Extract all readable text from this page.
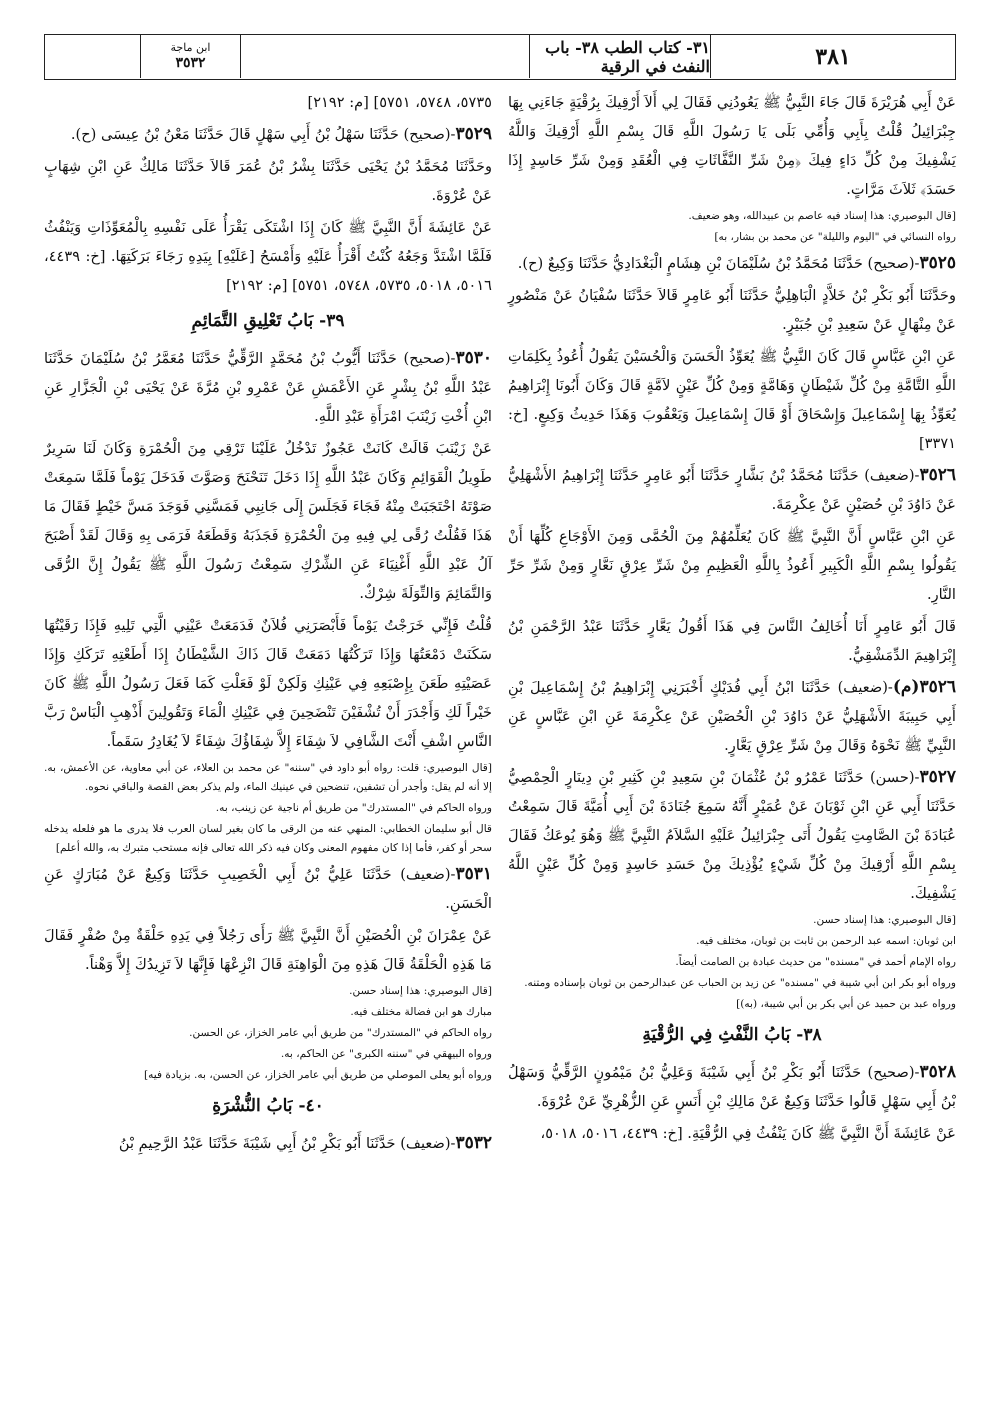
٣٨١
٣١- كتاب الطب ٣٨- باب النفث في الرقية
ابن ماجة
٣٥٣٢
عَنْ أَبِي هُرَيْرَةَ قَالَ جَاءَ النَّبِيُّ ﷺ يَعُودُنِي فَقَالَ لِي أَلاَ أَرْقِيكَ بِرُقْيَةٍ جَاءَنِي بِهَا جِبْرَائِيلُ قُلْتُ بِأَبِي وَأُمِّي بَلَى يَا رَسُولَ اللَّهِ قَالَ بِسْمِ اللَّهِ أَرْقِيكَ وَاللَّهُ يَشْفِيكَ مِنْ كُلِّ دَاءٍ فِيكَ ﴿مِنْ شَرِّ النَّفَّاثَاتِ فِي الْعُقَدِ وَمِنْ شَرِّ حَاسِدٍ إِذَا حَسَدَ﴾ ثَلاَثَ مَرَّاتٍ.
[قال البوصيري: هذا إسناد فيه عاصم بن عبيدالله، وهو ضعيف.
رواه النسائي في "اليوم والليلة" عن محمد بن بشار، به]
٣٥٢٥-(صحيح) حَدَّثَنَا مُحَمَّدُ بْنُ سُلَيْمَانَ بْنِ هِشَامٍ الْبَغْدَادِيُّ حَدَّثَنَا وَكِيعٌ (ح).
وحَدَّثَنَا أَبُو بَكْرِ بْنُ خَلاَّدٍ الْبَاهِلِيُّ حَدَّثَنَا أَبُو عَامِرٍ قَالاَ حَدَّثَنَا سُفْيَانُ عَنْ مَنْصُورٍ عَنْ مِنْهَالٍ عَنْ سَعِيدِ بْنِ جُبَيْرٍ.
عَنِ ابْنِ عَبَّاسٍ قَالَ كَانَ النَّبِيُّ ﷺ يُعَوِّذُ الْحَسَنَ وَالْحُسَيْنَ يَقُولُ أُعُوذُ بِكَلِمَاتِ اللَّهِ التَّامَّةِ مِنْ كُلِّ شَيْطَانٍ وَهَامَّةٍ وَمِنْ كُلِّ عَيْنٍ لاَمَّةٍ قَالَ وَكَانَ أَبُونَا إِبْرَاهِيمُ يُعَوِّذُ بِهَا إِسْمَاعِيلَ وَإِسْحَاقَ أَوْ قَالَ إِسْمَاعِيلَ وَيَعْقُوبَ وَهَذَا حَدِيثُ وَكِيعٍ. [خ: ٣٣٧١]
٣٥٢٦-(ضعيف) حَدَّثَنَا مُحَمَّدُ بْنُ بَشَّارٍ حَدَّثَنَا أَبُو عَامِرٍ حَدَّثَنَا إِبْرَاهِيمُ الأَشْهَلِيُّ عَنْ دَاوُدَ بْنِ حُصَيْنٍ عَنْ عِكْرِمَةَ.
عَنِ ابْنِ عَبَّاسٍ أَنَّ النَّبِيَّ ﷺ كَانَ يُعَلِّمُهُمْ مِنَ الْحُمَّى وَمِنَ الأَوْجَاعِ كُلِّهَا أَنْ يَقُولُوا بِسْمِ اللَّهِ الْكَبِيرِ أَعُوذُ بِاللَّهِ الْعَظِيمِ مِنْ شَرِّ عِرْقٍ نَعَّارٍ وَمِنْ شَرِّ حَرِّ النَّارِ.
قَالَ أَبُو عَامِرٍ أَنَا أُخَالِفُ النَّاسَ فِي هَذَا أَقُولُ يَعَّارٍ حَدَّثَنَا عَبْدُ الرَّحْمَنِ بْنُ إِبْرَاهِيمَ الدِّمَشْقِيُّ.
٣٥٢٦(م)-(ضعيف) حَدَّثَنَا ابْنُ أَبِي فُدَيْكٍ أَخْبَرَنِي إِبْرَاهِيمُ بْنُ إِسْمَاعِيلَ بْنِ أَبِي حَبِيبَةَ الأَشْهَلِيُّ عَنْ دَاوُدَ بْنِ الْحُصَيْنِ عَنْ عِكْرِمَةَ عَنِ ابْنِ عَبَّاسٍ عَنِ النَّبِيِّ ﷺ نَحْوَهُ وَقَالَ مِنْ شَرِّ عِرْقٍ يَعَّارٍ.
٣٥٢٧-(حسن) حَدَّثَنَا عَمْرُو بْنُ عُثْمَانَ بْنِ سَعِيدِ بْنِ كَثِيرِ بْنِ دِينَارٍ الْحِمْصِيُّ حَدَّثَنَا أَبِي عَنِ ابْنِ ثَوْبَانَ عَنْ عُمَيْرٍ أَنَّهُ سَمِعَ جُنَادَةَ بْنَ أَبِي أُمَيَّةَ قَالَ سَمِعْتُ عُبَادَةَ بْنَ الصَّامِتِ يَقُولُ أَتَى جِبْرَائِيلُ عَلَيْهِ السَّلاَمُ النَّبِيَّ ﷺ وَهُوَ يُوعَكُ فَقَالَ بِسْمِ اللَّهِ أَرْقِيكَ مِنْ كُلِّ شَيْءٍ يُؤْذِيكَ مِنْ حَسَدِ حَاسِدٍ وَمِنْ كُلِّ عَيْنٍ اللَّهُ يَشْفِيكَ.
[قال البوصيري: هذا إسناد حسن.
ابن ثوبان: اسمه عبد الرحمن بن ثابت بن ثوبان، مختلف فيه.
رواه الإمام أحمد في "مسنده" من حديث عبادة بن الصامت أيضاً.
ورواه أبو بكر ابن أبي شيبة في "مسنده" عن زيد بن الحباب عن عبدالرحمن بن ثوبان بإسناده ومتنه.
ورواه عبد بن حميد عن أبي بكر بن أبي شيبة، (به)]
٣٨- بَابُ النَّفْثِ فِي الرُّقْيَةِ
٣٥٢٨-(صحيح) حَدَّثَنَا أَبُو بَكْرِ بْنُ أَبِي شَيْبَةَ وَعَلِيُّ بْنُ مَيْمُونٍ الرَّقِّيُّ وَسَهْلُ بْنُ أَبِي سَهْلٍ قَالُوا حَدَّثَنَا وَكِيعٌ عَنْ مَالِكِ بْنِ أَنَسٍ عَنِ الزُّهْرِيِّ عَنْ عُرْوَةَ.
عَنْ عَائِشَةَ أَنَّ النَّبِيَّ ﷺ كَانَ يَنْفُثُ فِي الرُّقْيَةِ. [خ: ٤٤٣٩، ٥٠١٦، ٥٠١٨،
٥٧٣٥، ٥٧٤٨، ٥٧٥١] [م: ٢١٩٢]
٣٥٢٩-(صحيح) حَدَّثَنَا سَهْلُ بْنُ أَبِي سَهْلٍ قَالَ حَدَّثَنَا مَعْنُ بْنُ عِيسَى (ح).
وحَدَّثَنَا مُحَمَّدُ بْنُ يَحْيَى حَدَّثَنَا بِشْرُ بْنُ عُمَرَ قَالاَ حَدَّثَنَا مَالِكٌ عَنِ ابْنِ شِهَابٍ عَنْ عُرْوَةَ.
عَنْ عَائِشَةَ أَنَّ النَّبِيَّ ﷺ كَانَ إِذَا اشْتَكَى يَقْرَأُ عَلَى نَفْسِهِ بِالْمُعَوِّذَاتِ وَيَنْفُثُ فَلَمَّا اشْتَدَّ وَجَعُهُ كُنْتُ أَقْرَأُ عَلَيْهِ وَأَمْسَحُ [عَلَيْهِ] بِيَدِهِ رَجَاءَ بَرَكَتِهَا. [خ: ٤٤٣٩، ٥٠١٦، ٥٠١٨، ٥٧٣٥، ٥٧٤٨، ٥٧٥١] [م: ٢١٩٢]
٣٩- بَابُ تَعْلِيقِ التَّمَائِمِ
٣٥٣٠-(صحيح) حَدَّثَنَا أَيُّوبُ بْنُ مُحَمَّدٍ الرَّقِّيُّ حَدَّثَنَا مُعَمَّرُ بْنُ سُلَيْمَانَ حَدَّثَنَا عَبْدُ اللَّهِ بْنُ بِشْرٍ عَنِ الأَعْمَشِ عَنْ عَمْرِو بْنِ مُرَّةَ عَنْ يَحْيَى بْنِ الْجَزَّارِ عَنِ ابْنِ أُخْتِ زَيْنَبَ امْرَأَةِ عَبْدِ اللَّهِ.
عَنْ زَيْنَبَ قَالَتْ كَانَتْ عَجُوزٌ تَدْخُلُ عَلَيْنَا تَرْقِي مِنَ الْحُمْرَةِ وَكَانَ لَنَا سَرِيرٌ طَوِيلُ الْقَوَائِمِ وَكَانَ عَبْدُ اللَّهِ إِذَا دَخَلَ تَنَحْنَحَ وَصَوَّتَ فَدَخَلَ يَوْماً فَلَمَّا سَمِعَتْ صَوْتَهُ احْتَجَبَتْ مِنْهُ فَجَاءَ فَجَلَسَ إِلَى جَانِبِي فَمَسَّنِي فَوَجَدَ مَسَّ خَيْطٍ فَقَالَ مَا هَذَا فَقُلْتُ رُقًى لِي فِيهِ مِنَ الْحُمْرَةِ فَجَذَبَهُ وَقَطَعَهُ فَرَمَى بِهِ وَقَالَ لَقَدْ أَصْبَحَ آلُ عَبْدِ اللَّهِ أَغْنِيَاءَ عَنِ الشِّرْكِ سَمِعْتُ رَسُولَ اللَّهِ ﷺ يَقُولُ إِنَّ الرُّقَى وَالتَّمَائِمَ وَالتِّوَلَةَ شِرْكٌ.
قُلْتُ فَإِنِّي خَرَجْتُ يَوْماً فَأَبْصَرَنِي فُلاَنٌ فَدَمَعَتْ عَيْنِي الَّتِي تَلِيهِ فَإِذَا رَقَيْتُهَا سَكَنَتْ دَمْعَتُهَا وَإِذَا تَرَكْتُهَا دَمَعَتْ قَالَ ذَاكَ الشَّيْطَانُ إِذَا أَطَعْتِهِ تَرَكَكِ وَإِذَا عَصَيْتِهِ طَعَنَ بِإِصْبَعِهِ فِي عَيْنِكِ وَلَكِنْ لَوْ فَعَلْتِ كَمَا فَعَلَ رَسُولُ اللَّهِ ﷺ كَانَ خَيْراً لَكِ وَأَجْدَرَ أَنْ تُشْفَيْنَ تَنْضَحِينَ فِي عَيْنِكِ الْمَاءَ وَتَقُولِينَ أَذْهِبِ الْبَاسْ رَبَّ النَّاسِ اشْفِ أَنْتَ الشَّافِي لاَ شِفَاءَ إِلاَّ شِفَاؤُكَ شِفَاءً لاَ يُغَادِرُ سَقَماً.
[قال البوصيري: قلت: رواه أبو داود في "سننه" عن محمد بن العلاء، عن أبي معاوية، عن الأعمش، به. إلا أنه لم يقل: وأجدر أن تشفين، تنضحين في عينيك الماء، ولم يذكر بعض القصة والباقي نحوه.
ورواه الحاكم في "المستدرك" من طريق أم ناجية عن زينب، به.
قال أبو سليمان الخطابي: المنهي عنه من الرقى ما كان بغير لسان العرب فلا يدرى ما هو فلعله يدخله سحر أو كفر، فأما إذا كان مفهوم المعنى وكان فيه ذكر الله تعالى فإنه مستحب متبرك به، والله أعلم]
٣٥٣١-(ضعيف) حَدَّثَنَا عَلِيُّ بْنُ أَبِي الْخَصِيبِ حَدَّثَنَا وَكِيعٌ عَنْ مُبَارَكٍ عَنِ الْحَسَنِ.
عَنْ عِمْرَانَ بْنِ الْحُصَيْنِ أَنَّ النَّبِيَّ ﷺ رَأَى رَجُلاً فِي يَدِهِ حَلْقَةٌ مِنْ صُفْرٍ فَقَالَ مَا هَذِهِ الْحَلْقَةُ قَالَ هَذِهِ مِنَ الْوَاهِنَةِ قَالَ انْزِعْهَا فَإِنَّهَا لاَ تَزِيدُكَ إِلاَّ وَهْناً.
[قال البوصيري: هذا إسناد حسن.
مبارك هو ابن فضالة مختلف فيه.
رواه الحاكم في "المستدرك" من طريق أبي عامر الخزاز، عن الحسن.
ورواه البيهقي في "سننه الكبرى" عن الحاكم، به.
ورواه أبو يعلى الموصلي من طريق أبي عامر الخزاز، عن الحسن، به. بزيادة فيه]
٤٠- بَابُ النُّشْرَةِ
٣٥٣٢-(ضعيف) حَدَّثَنَا أَبُو بَكْرِ بْنُ أَبِي شَيْبَةَ حَدَّثَنَا عَبْدُ الرَّحِيمِ بْنُ
